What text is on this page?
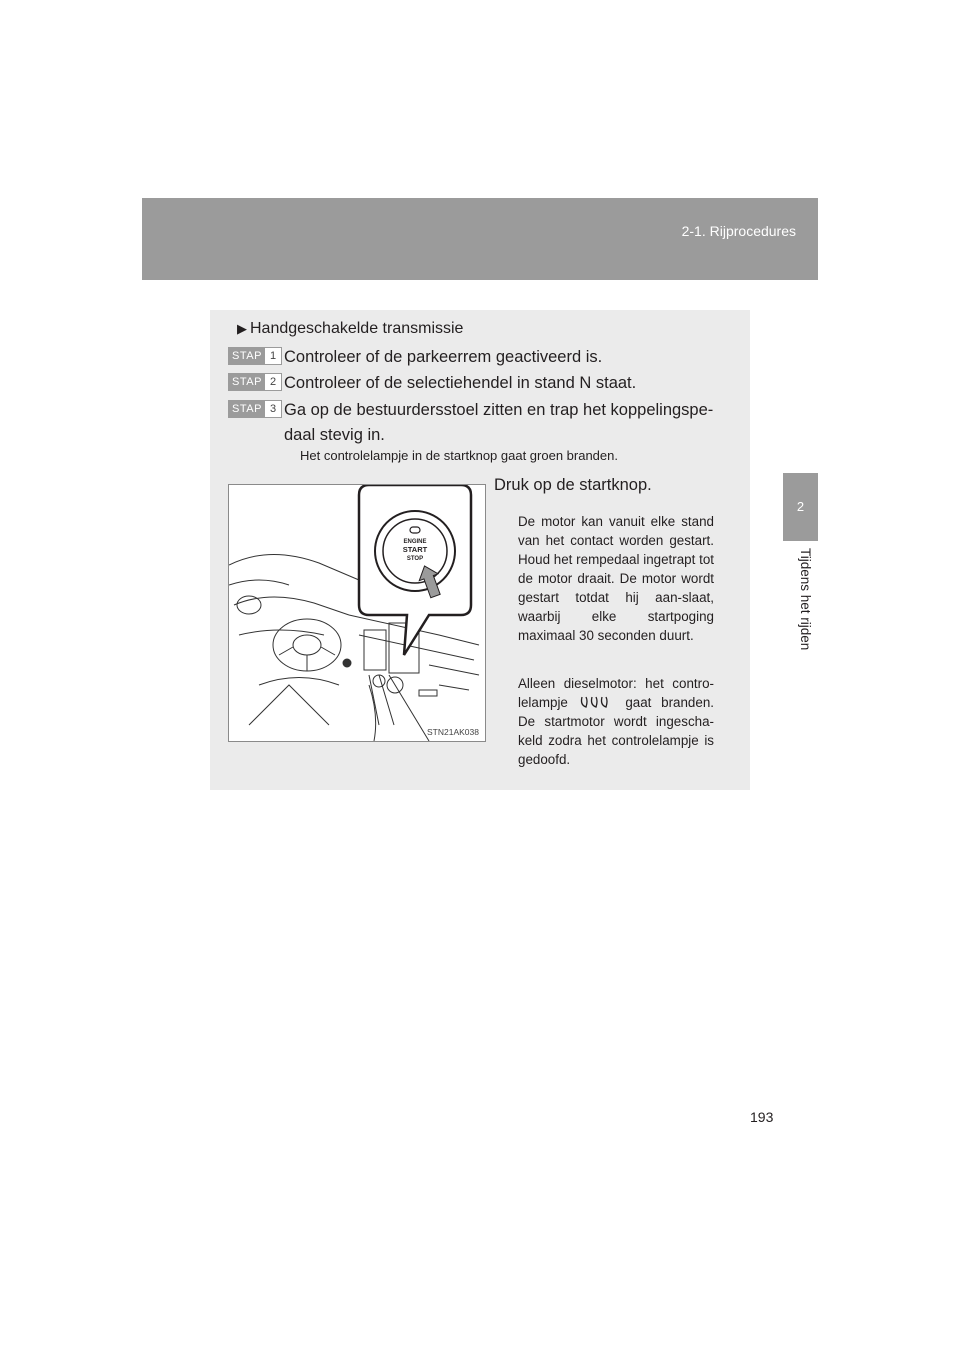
2-1. Rijprocedures
2
Tijdens het rijden
▶ Handgeschakelde transmissie
STAP 1 Controleer of de parkeerrem geactiveerd is.
STAP 2 Controleer of de selectiehendel in stand N staat.
STAP 3 Ga op de bestuurdersstoel zitten en trap het koppelingspe-
daal stevig in.
Het controlelampje in de startknop gaat groen branden.
ENGINE
START
STOP
STN21AK038
Druk op de startknop.
De motor kan vanuit elke stand van het contact worden gestart. Houd het rempedaal ingetrapt tot de motor draait. De motor wordt gestart totdat hij aan-slaat, waarbij elke startpoging maximaal 30 seconden duurt.
Alleen dieselmotor: het contro-lelampje	gaat branden. De startmotor wordt ingescha-keld zodra het controlelampje is gedoofd.
193
